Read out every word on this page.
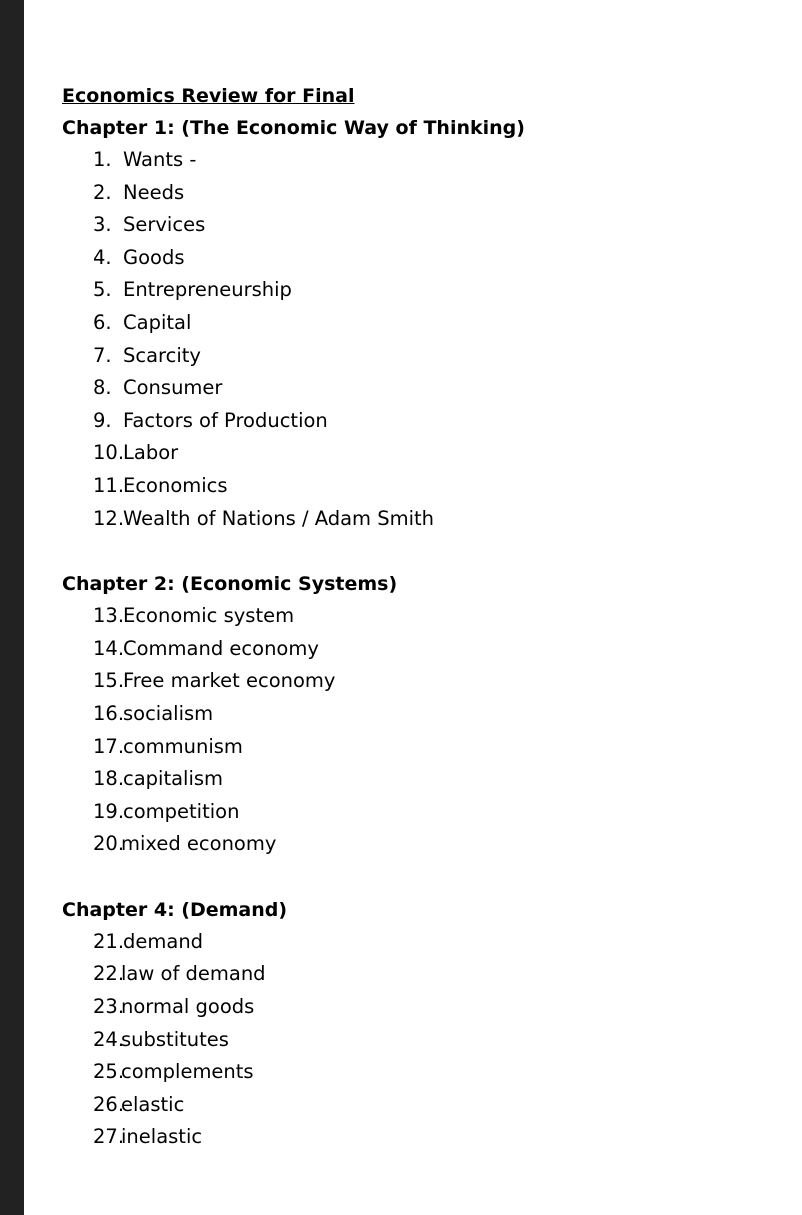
Economics Review for Final
Chapter 1: (The Economic Way of Thinking)
1. Wants -
2. Needs
3. Services
4. Goods
5. Entrepreneurship
6. Capital
7. Scarcity
8. Consumer
9. Factors of Production
10.
Labor
11.
Economics
12.
Wealth of Nations / Adam Smith
Chapter 2: (Economic Systems)
13.
Economic system
14.
Command economy
15.
Free market economy
16.
socialism
17.
communism
18.
capitalism
19.
competition
20.
mixed economy
Chapter 4: (Demand)
21.
demand
22.
law of demand
23.
normal goods
24.
substitutes
25.
complements
26.
elastic
27.
inelastic
